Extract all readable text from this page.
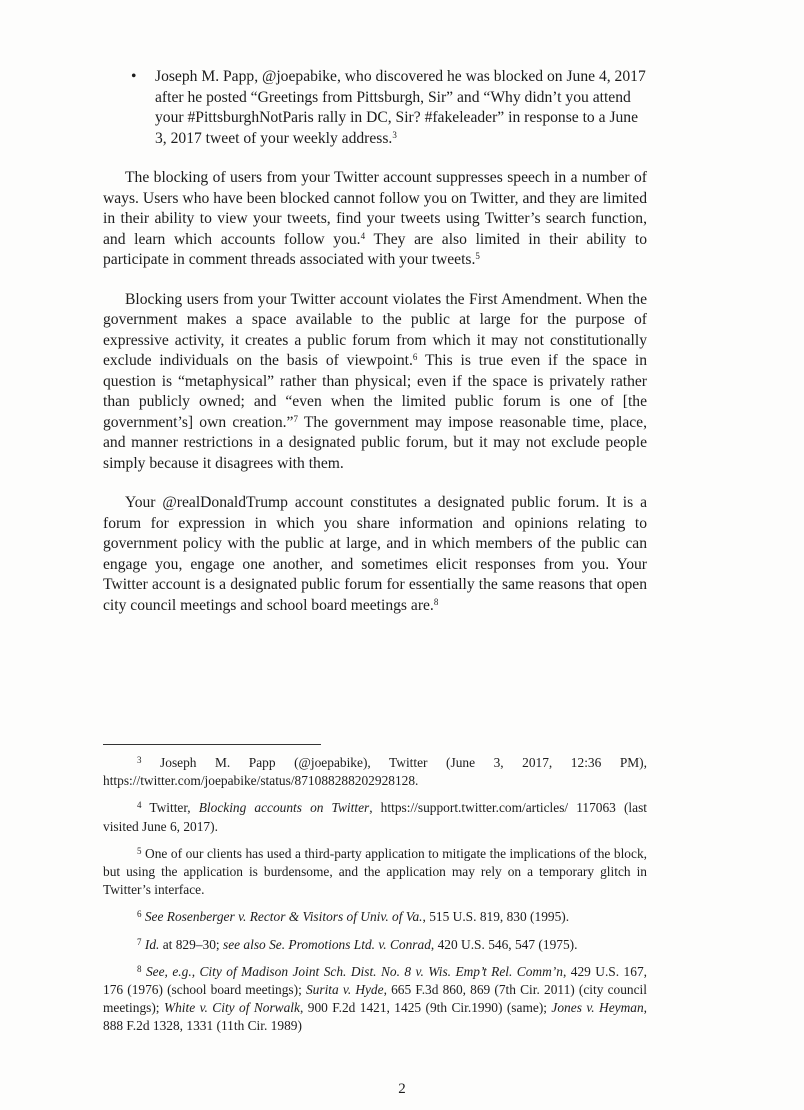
• Joseph M. Papp, @joepabike, who discovered he was blocked on June 4, 2017 after he posted “Greetings from Pittsburgh, Sir” and “Why didn’t you attend your #PittsburghNotParis rally in DC, Sir? #fakeleader” in response to a June 3, 2017 tweet of your weekly address.$^3$

The blocking of users from your Twitter account suppresses speech in a number of ways. Users who have been blocked cannot follow you on Twitter, and they are limited in their ability to view your tweets, find your tweets using Twitter’s search function, and learn which accounts follow you.$^4$ They are also limited in their ability to participate in comment threads associated with your tweets.$^5$

Blocking users from your Twitter account violates the First Amendment. When the government makes a space available to the public at large for the purpose of expressive activity, it creates a public forum from which it may not constitutionally exclude individuals on the basis of viewpoint.$^6$ This is true even if the space in question is “metaphysical” rather than physical; even if the space is privately rather than publicly owned; and “even when the limited public forum is one of [the government’s] own creation.”$^7$ The government may impose reasonable time, place, and manner restrictions in a designated public forum, but it may not exclude people simply because it disagrees with them.

Your @realDonaldTrump account constitutes a designated public forum. It is a forum for expression in which you share information and opinions relating to government policy with the public at large, and in which members of the public can engage you, engage one another, and sometimes elicit responses from you. Your Twitter account is a designated public forum for essentially the same reasons that open city council meetings and school board meetings are.$^8$

$^3$ Joseph M. Papp (@joepabike), Twitter (June 3, 2017, 12:36 PM), https://twitter.com/joepabike/status/871088288202928128.

$^4$ Twitter, Blocking accounts on Twitter, https://support.twitter.com/articles/ 117063 (last visited June 6, 2017).

$^5$ One of our clients has used a third-party application to mitigate the implications of the block, but using the application is burdensome, and the application may rely on a temporary glitch in Twitter’s interface.

$^6$ See Rosenberger v. Rector & Visitors of Univ. of Va., 515 U.S. 819, 830 (1995).

$^7$ Id. at 829–30; see also Se. Promotions Ltd. v. Conrad, 420 U.S. 546, 547 (1975).

$^8$ See, e.g., City of Madison Joint Sch. Dist. No. 8 v. Wis. Emp’t Rel. Comm’n, 429 U.S. 167, 176 (1976) (school board meetings); Surita v. Hyde, 665 F.3d 860, 869 (7th Cir. 2011) (city council meetings); White v. City of Norwalk, 900 F.2d 1421, 1425 (9th Cir.1990) (same); Jones v. Heyman, 888 F.2d 1328, 1331 (11th Cir. 1989)

2
